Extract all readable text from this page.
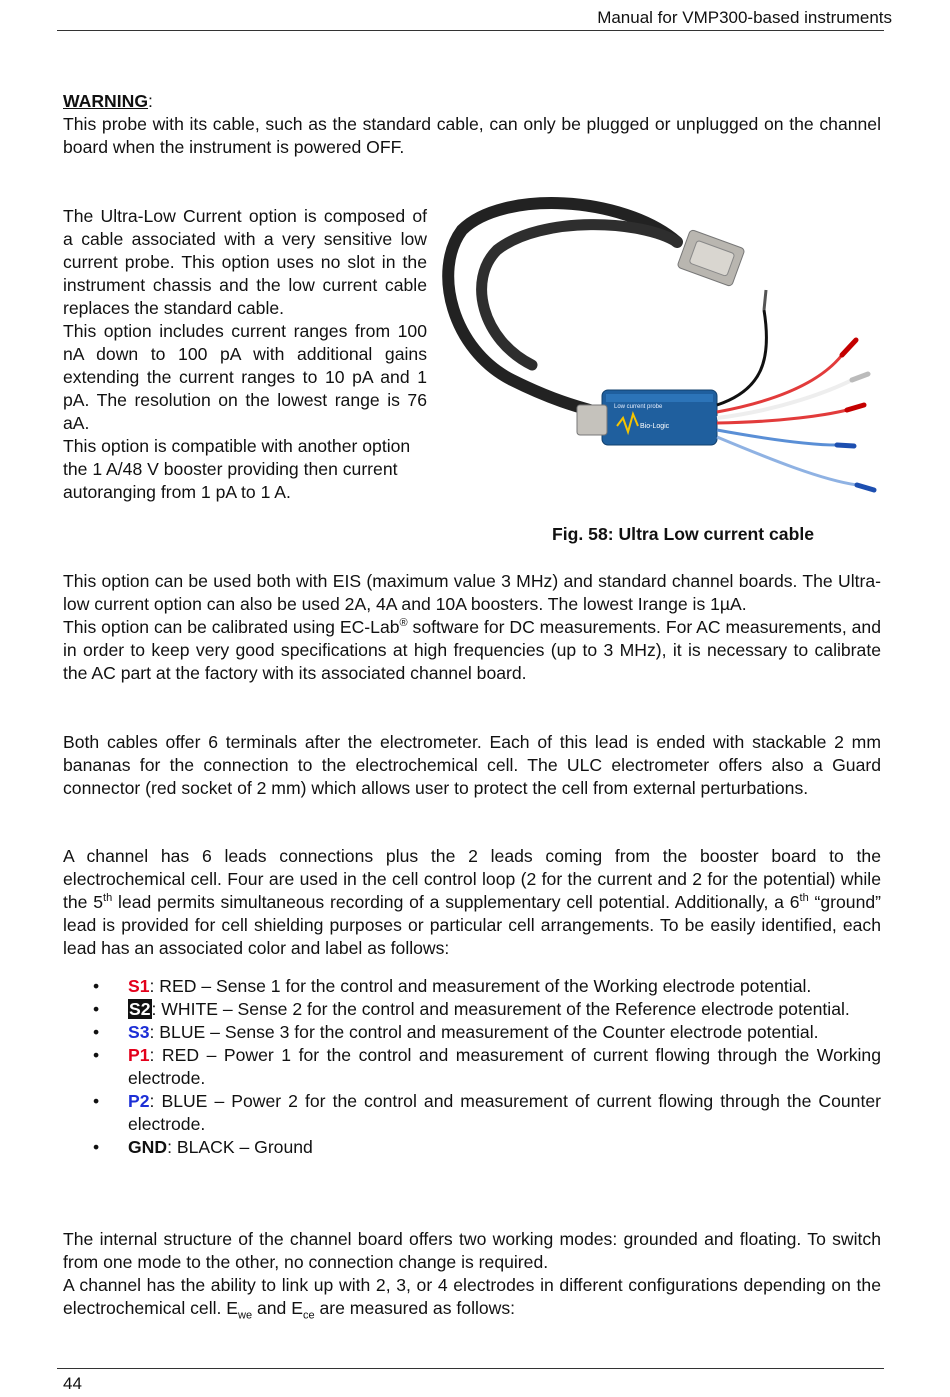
Manual for VMP300-based instruments
WARNING:

This probe with its cable, such as the standard cable, can only be plugged or unplugged on the channel board when the instrument is powered OFF.

The Ultra-Low Current option is composed of a cable associated with a very sensitive low current probe. This option uses no slot in the instrument chassis and the low current cable replaces the standard cable.

This option includes current ranges from 100 nA down to 100 pA with additional gains extending the current ranges to 10 pA and 1 pA. The resolution on the lowest range is 76 aA.

This option is compatible with another option the 1 A/48 V booster providing then current autoranging from 1 pA to 1 A.

Low current probe
Bio-Logic
Fig. 58: Ultra Low current cable

This option can be used both with EIS (maximum value 3 MHz) and standard channel boards. The Ultra-low current option can also be used 2A, 4A and 10A boosters. The lowest Irange is 1µA.

This option can be calibrated using EC-Lab® software for DC measurements. For AC measurements, and in order to keep very good specifications at high frequencies (up to 3 MHz), it is necessary to calibrate the AC part at the factory with its associated channel board.

Both cables offer 6 terminals after the electrometer. Each of this lead is ended with stackable 2 mm bananas for the connection to the electrochemical cell. The ULC electrometer offers also a Guard connector (red socket of 2 mm) which allows user to protect the cell from external perturbations.
A channel has 6 leads connections plus the 2 leads coming from the booster board to the electrochemical cell. Four are used in the cell control loop (2 for the current and 2 for the potential) while the 5th lead permits simultaneous recording of a supplementary cell potential. Additionally, a 6th “ground” lead is provided for cell shielding purposes or particular cell arrangements. To be easily identified, each lead has an associated color and label as follows:
• S1: RED – Sense 1 for the control and measurement of the Working electrode potential.
• S2: WHITE – Sense 2 for the control and measurement of the Reference electrode potential.
• S3: BLUE – Sense 3 for the control and measurement of the Counter electrode potential.
• P1: RED – Power 1 for the control and measurement of current flowing through the Working electrode.
• P2: BLUE – Power 2 for the control and measurement of current flowing through the Counter electrode.
• GND: BLACK – Ground

The internal structure of the channel board offers two working modes: grounded and floating. To switch from one mode to the other, no connection change is required.

A channel has the ability to link up with 2, 3, or 4 electrodes in different configurations depending on the electrochemical cell. $E_{we}$ and $E_{ce}$ are measured as follows:

44
